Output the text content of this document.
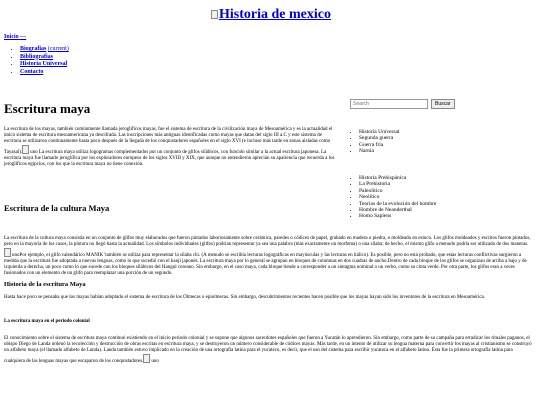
Historia de mexico
Inicio —
• Biografias (current)
• Bibliografias
• Historia Universal
• Contacto
Escritura maya
Search	Buscar

La escritura de los mayas, también comúnmente llamada jeroglíficos mayas, fue el sistema de escritura de la civilización maya de Mesoamérica y es la actualidad el único sistema de escritura mesoamericana ya descifrada. Las inscripciones más antiguas identificadas como mayas que datan del siglo III a.C y este sistema de escritura se utilizaron continuamente hasta poco después de la llegada de los conquistadores españoles en el siglo XVI (e incluso más tarde en zonas aisladas como Tayasal). uno La escritura maya utiliza logogramas complementados por un conjunto de glifos silábicos, con función similar a la actual escritura japonesa. La escritura maya fue llamado jeroglífica por los exploradores europeos de los siglos XVIII y XIX, que aunque no entendieron aprecian su apariencia que recuerda a los jeroglíficos egipcios, con los que la escritura maya no tiene conexión.

• Historia Universal
• Segunda guerra
• Guerra fria
• Narnia
• Historia Prehispánica
• La Prehistoria
• Paleolítico
• Neolítico
• Teorias de la evolución del hombre
• Hombre de Neanderthal
• Homo Sapiens
Escritura de la cultura Maya

La escritura de la cultura maya consistía en un conjunto de glifos muy elaborados que fueron pintados laboriosamente sobre cerámica, paredes o códices de papel, grabado en madera o piedra, o moldeado en estuco. Los glifos moldeados y escritos fueron pintados, pero en la mayoría de los casos, la pintura no llegó hasta la actualidad. Los símbolos individuales (glifos) podrían representar ya sea una palabra (más exactamente un morfema) o una sílaba; de hecho, el mismo glifo a menudo podría ser utilizado de dos maneras.unoPor ejemplo, el glifo calendárico MANIK 'también se utiliza para representar la sílaba chi. (A menudo se escribía lecturas logográficas en mayúsculas y las lecturas en itálico). Es posible, pero no está probado, que estas lecturas conflictivas surgieron a medida que la escritura fue adoptada a nuevas lenguas, como lo que sucedió con el kanji japonés. La escritura maya por lo general se agrupan en bloques de columnas en dos cuadras de ancho.Dentro de cada bloque de los glifos se organizan de arriba a bajo y de izquierda a derecha, un poco como lo que sucede con los bloques silábicos del Hangul coreano. Sin embargo, en el caso maya, cada bloque tiende a corresponder a un sintagma nominal o un verbo, como su cinta verde. Por otra parte, los glifos eran a veces fusionados con un elemento de un glifo para reemplazar una porción de un segundo.

Historia de la escritura Maya

Hasta hace poco se pensaba que los mayas habían adoptado el sistema de escritura de los Olmecas o epiolmecas. Sin embargo, descubrimientos recientes hacen posible que los mayas hayan sido los inventores de la escritura en Mesoamérica.

La escritura maya en el periodo colonial

El conocimiento sobre el sistema de escritura maya continuó existiendo en el inicio periodo colonial y se supone que algunos sacerdotes españoles que fueron a Yucatán lo aprendieron. Sin embargo, como parte de su campaña para erradicar los rituales paganos, el obispo Diego de Landa ordenó la recolección y destrucción de obras escritas en escritura maya, y se destruyeron un número considerable de códices mayas. Más tarde, en un intento de utilizar su lengua materna para convertir los mayas al cristianismo se construyó un alfabeto maya (el llamado alfabeto de Landa). Landa también estuvo implicado en la creación de una ortografía latina para el yucateco, es decir, que el uso del sistema para escribir yucateca en el alfabeto latino. Ésta fue la primera ortografía latina para cualquiera de las lenguas mayas que escaparon de los conquistadores. uno
